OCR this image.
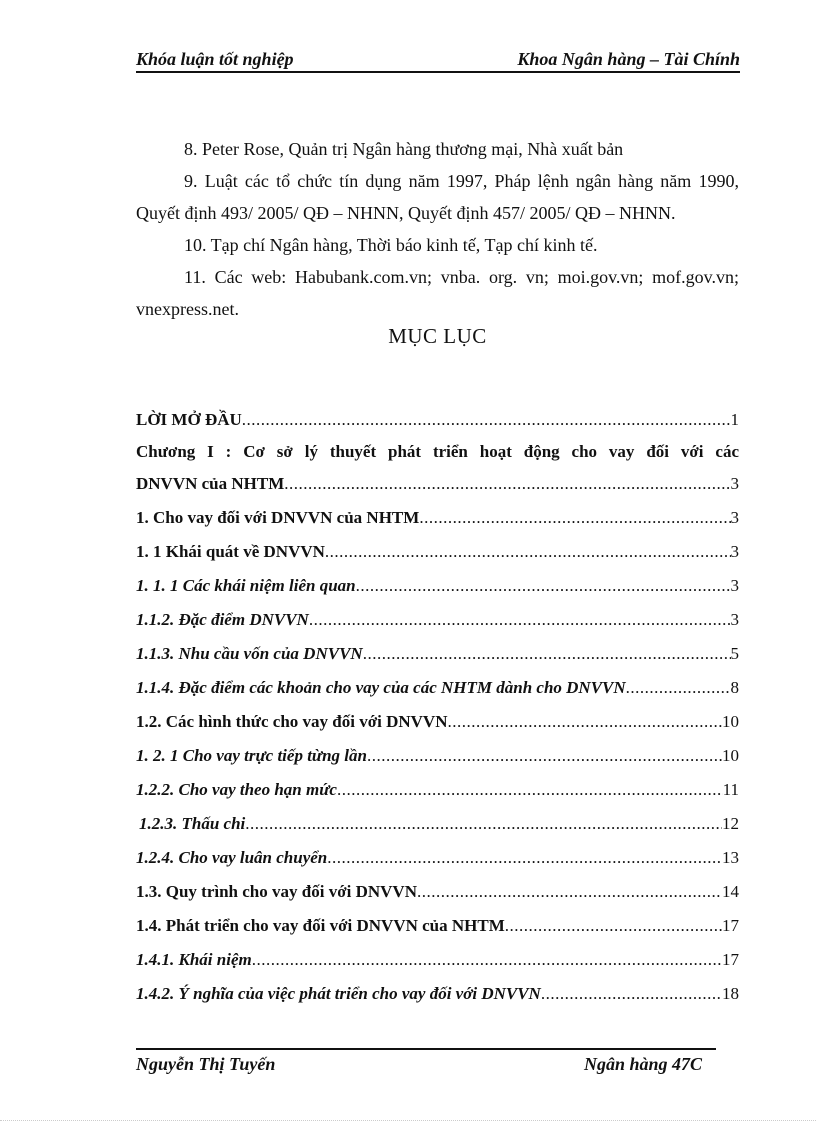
Khóa luận tốt nghiệp	Khoa Ngân hàng – Tài Chính

8. Peter Rose, Quản trị Ngân hàng thương mại, Nhà xuất bản

9. Luật các tổ chức tín dụng năm 1997, Pháp lệnh ngân hàng năm 1990, Quyết định 493/ 2005/ QĐ – NHNN, Quyết định 457/ 2005/ QĐ – NHNN.

10. Tạp chí Ngân hàng, Thời báo kinh tế, Tạp chí kinh tế.

11. Các web: Habubank.com.vn; vnba. org. vn; moi.gov.vn; mof.gov.vn; vnexpress.net.

MỤC LỤC
LỜI MỞ ĐẦU .....	1
Chương I : Cơ sở lý thuyết phát triển hoạt động cho vay đối với các
DNVVN của NHTM .....	3
1. Cho vay đối với DNVVN của NHTM .....	3
1. 1 Khái quát về DNVVN .....	3
1. 1. 1 Các khái niệm liên quan .....	3
1.1.2. Đặc điểm DNVVN .....	3
1.1.3. Nhu cầu vốn của DNVVN .....	5
1.1.4. Đặc điểm các khoản cho vay của các NHTM dành cho DNVVN .....	8
1.2. Các hình thức cho vay đối với DNVVN .....	10
1. 2. 1 Cho vay trực tiếp từng lần .....	10
1.2.2. Cho vay theo hạn mức .....	11
1.2.3. Thấu chi .....	12
1.2.4. Cho vay luân chuyển .....	13
1.3. Quy trình cho vay đối với DNVVN .....	14
1.4. Phát triển cho vay đối với DNVVN của NHTM .....	17
1.4.1. Khái niệm .....	17
1.4.2. Ý nghĩa của việc phát triển cho vay đối với DNVVN .....	18
Nguyễn Thị Tuyến	Ngân hàng 47C
